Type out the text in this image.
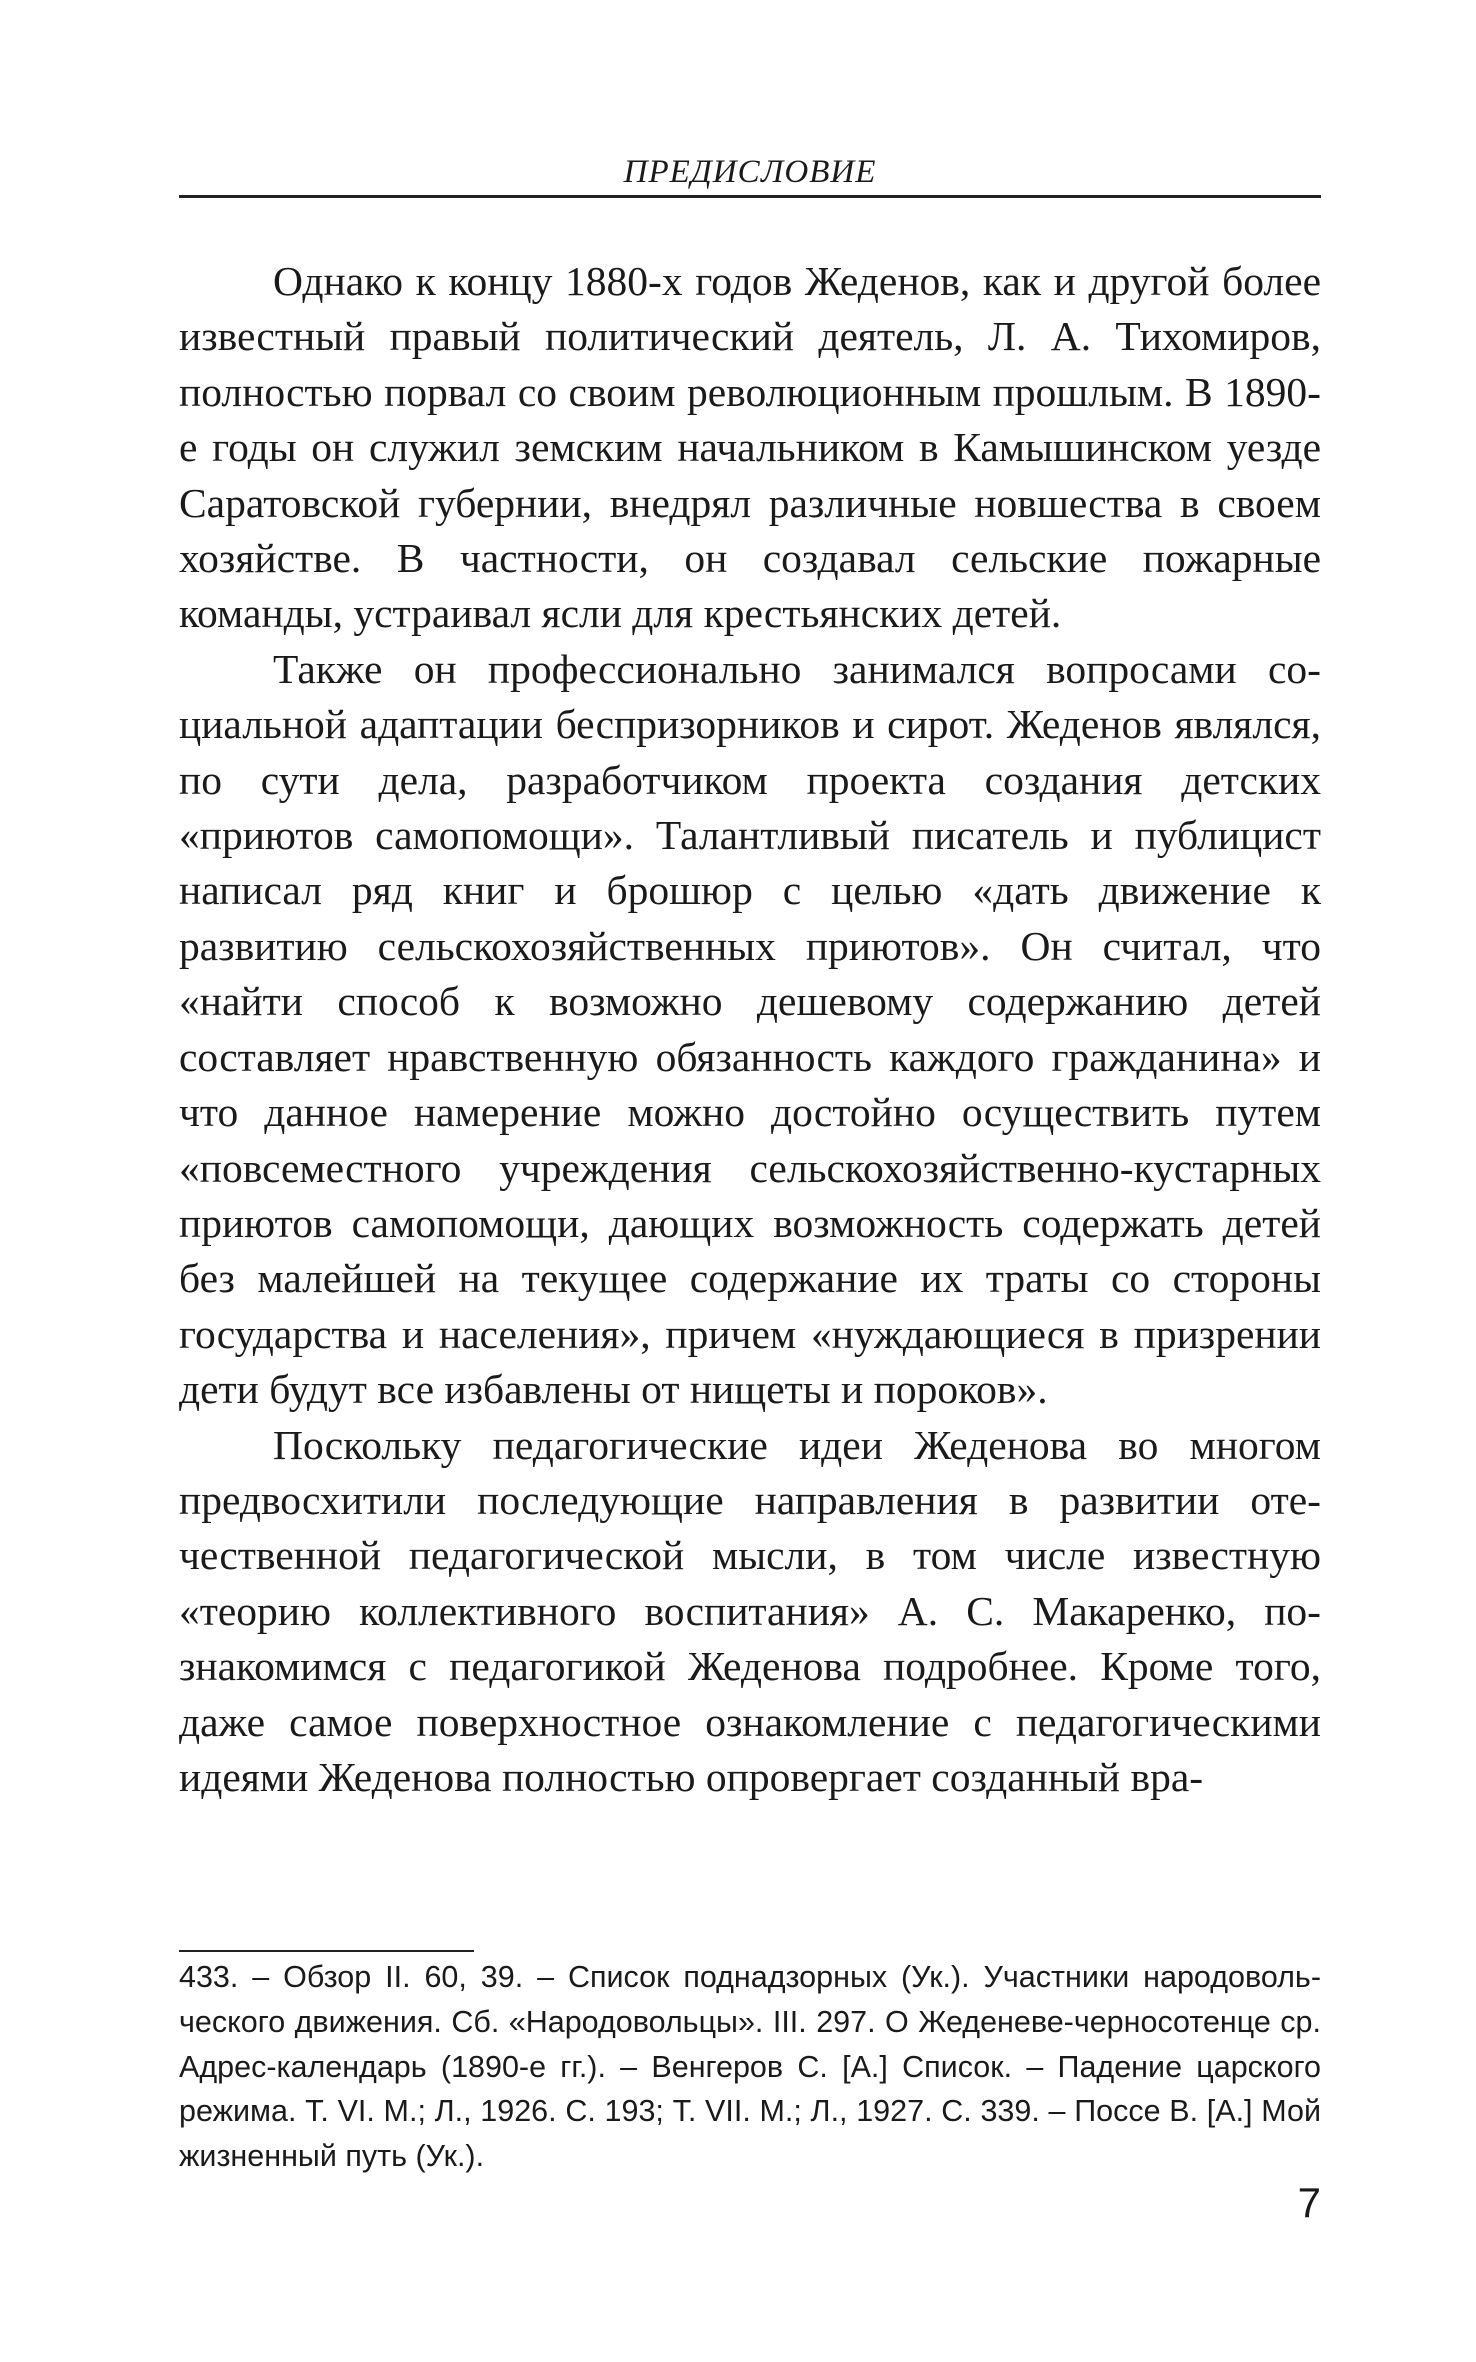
ПРЕДИСЛОВИЕ

Однако к концу 1880-х годов Жеденов, как и другой более известный правый политический деятель, Л. А. Тихомиров, полностью порвал со своим революционным прошлым. В 1890-е годы он служил земским начальником в Камышинском уезде Саратовской губернии, внедрял различные новшества в своем хозяйстве. В частности, он создавал сельские пожарные команды, устраивал ясли для крестьянских детей.

Также он профессионально занимался вопросами социальной адаптации беспризорников и сирот. Жеденов являлся, по сути дела, разработчиком проекта создания детских «приютов самопомощи». Талантливый писатель и публицист написал ряд книг и брошюр с целью «дать движение к развитию сельскохозяйственных приютов». Он считал, что «найти способ к возможно дешевому содержанию детей составляет нравственную обязанность каждого гражданина» и что данное намерение можно достойно осуществить путем «повсеместного учреждения сельскохозяйственно-кустарных приютов самопомощи, дающих возможность содержать детей без малейшей на текущее содержание их траты со стороны государства и населения», причем «нуждающиеся в призрении дети будут все избавлены от нищеты и пороков».

Поскольку педагогические идеи Жеденова во многом предвосхитили последующие направления в развитии отечественной педагогической мысли, в том числе известную «теорию коллективного воспитания» А. С. Макаренко, познакомимся с педагогикой Жеденова подробнее. Кроме того, даже самое поверхностное ознакомление с педагогическими идеями Жеденова полностью опровергает созданный вра-

433. – Обзор II. 60, 39. – Список поднадзорных (Ук.). Участники народовольческого движения. Сб. «Народовольцы». III. 297. О Жеденеве-черносотенце ср. Адрес-календарь (1890-е гг.). – Венгеров С. [А.] Список. – Падение царского режима. Т. VI. М.; Л., 1926. С. 193; Т. VII. М.; Л., 1927. С. 339. – Поссе В. [А.] Мой жизненный путь (Ук.).

7
